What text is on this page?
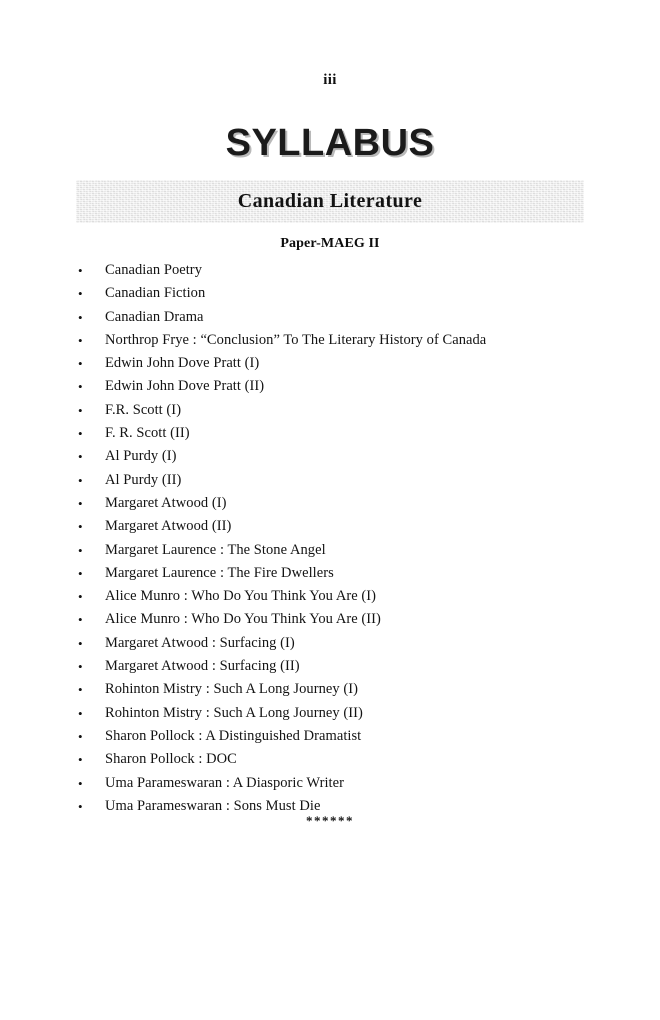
iii
SYLLABUS
Canadian Literature
Paper-MAEG II
•	Canadian Poetry
•	Canadian Fiction
•	Canadian Drama
•	Northrop Frye : “Conclusion” To The Literary History of Canada
•	Edwin John Dove Pratt (I)
•	Edwin John Dove Pratt (II)
•	F.R. Scott (I)
•	F. R. Scott (II)
•	Al Purdy (I)
•	Al Purdy (II)
•	Margaret Atwood (I)
•	Margaret Atwood (II)
•	Margaret Laurence : The Stone Angel
•	Margaret Laurence : The Fire Dwellers
•	Alice Munro : Who Do You Think You Are (I)
•	Alice Munro : Who Do You Think You Are (II)
•	Margaret Atwood : Surfacing (I)
•	Margaret Atwood : Surfacing (II)
•	Rohinton Mistry : Such A Long Journey (I)
•	Rohinton Mistry : Such A Long Journey (II)
•	Sharon Pollock : A Distinguished Dramatist
•	Sharon Pollock : DOC
•	Uma Parameswaran : A Diasporic Writer
•	Uma Parameswaran : Sons Must Die
******
